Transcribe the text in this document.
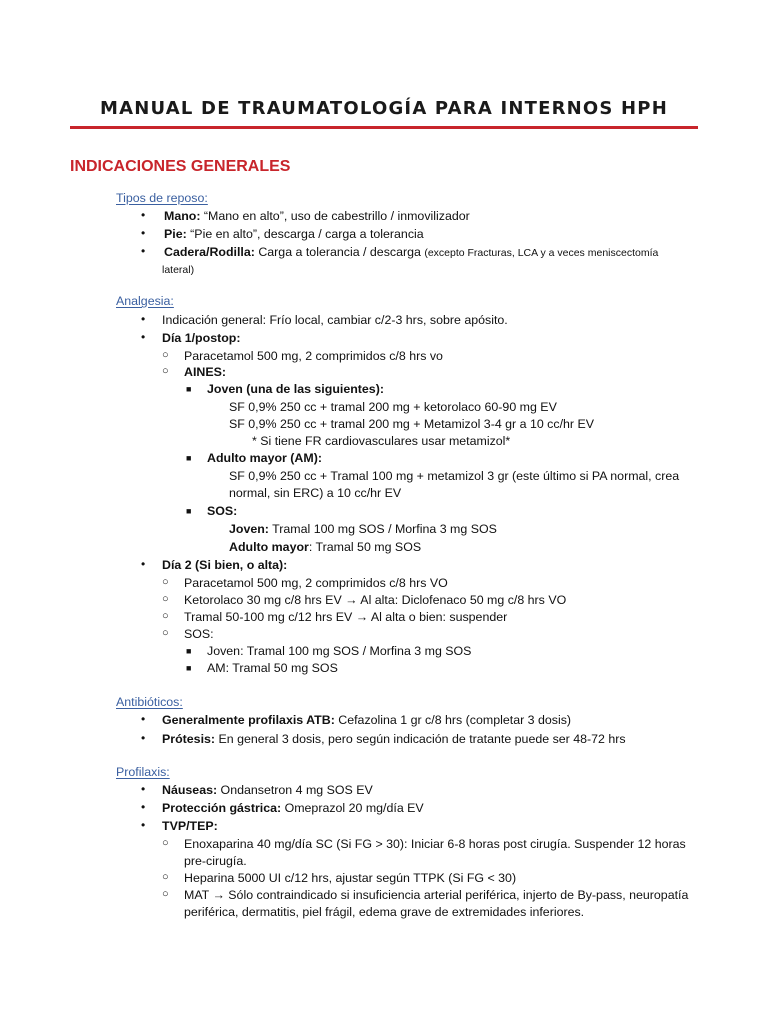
MANUAL DE TRAUMATOLOGÍA PARA INTERNOS HPH
INDICACIONES GENERALES
Tipos de reposo:
• Mano: “Mano en alto”, uso de cabestrillo / inmovilizador
• Pie: “Pie en alto”, descarga / carga a tolerancia
• Cadera/Rodilla: Carga a tolerancia / descarga (excepto Fracturas, LCA y a veces meniscectomía
lateral)
Analgesia:
• Indicación general: Frío local, cambiar c/2-3 hrs, sobre apósito.
• Día 1/postop:
○ Paracetamol 500 mg, 2 comprimidos c/8 hrs vo
○ AINES:
■ Joven (una de las siguientes):
SF 0,9% 250 cc + tramal 200 mg + ketorolaco 60-90 mg EV
SF 0,9% 250 cc + tramal 200 mg + Metamizol 3-4 gr a 10 cc/hr EV
* Si tiene FR cardiovasculares usar metamizol*
■ Adulto mayor (AM):
SF 0,9% 250 cc + Tramal 100 mg + metamizol 3 gr (este último si PA normal, crea
normal, sin ERC) a 10 cc/hr EV
■ SOS:
Joven: Tramal 100 mg SOS / Morfina 3 mg SOS
Adulto mayor: Tramal 50 mg SOS
• Día 2 (Si bien, o alta):
○ Paracetamol 500 mg, 2 comprimidos c/8 hrs VO
○ Ketorolaco 30 mg c/8 hrs EV → Al alta: Diclofenaco 50 mg c/8 hrs VO
○ Tramal 50-100 mg c/12 hrs EV → Al alta o bien: suspender
○ SOS:
■ Joven: Tramal 100 mg SOS / Morfina 3 mg SOS
■ AM: Tramal 50 mg SOS
Antibióticos:
• Generalmente profilaxis ATB: Cefazolina 1 gr c/8 hrs (completar 3 dosis)
• Prótesis: En general 3 dosis, pero según indicación de tratante puede ser 48-72 hrs
Profilaxis:
• Náuseas: Ondansetron 4 mg SOS EV
• Protección gástrica: Omeprazol 20 mg/día EV
• TVP/TEP:
○ Enoxaparina 40 mg/día SC (Si FG > 30): Iniciar 6-8 horas post cirugía. Suspender 12 horas
pre-cirugía.
○ Heparina 5000 UI c/12 hrs, ajustar según TTPK (Si FG < 30)
○ MAT → Sólo contraindicado si insuficiencia arterial periférica, injerto de By-pass, neuropatía
periférica, dermatitis, piel frágil, edema grave de extremidades inferiores.
